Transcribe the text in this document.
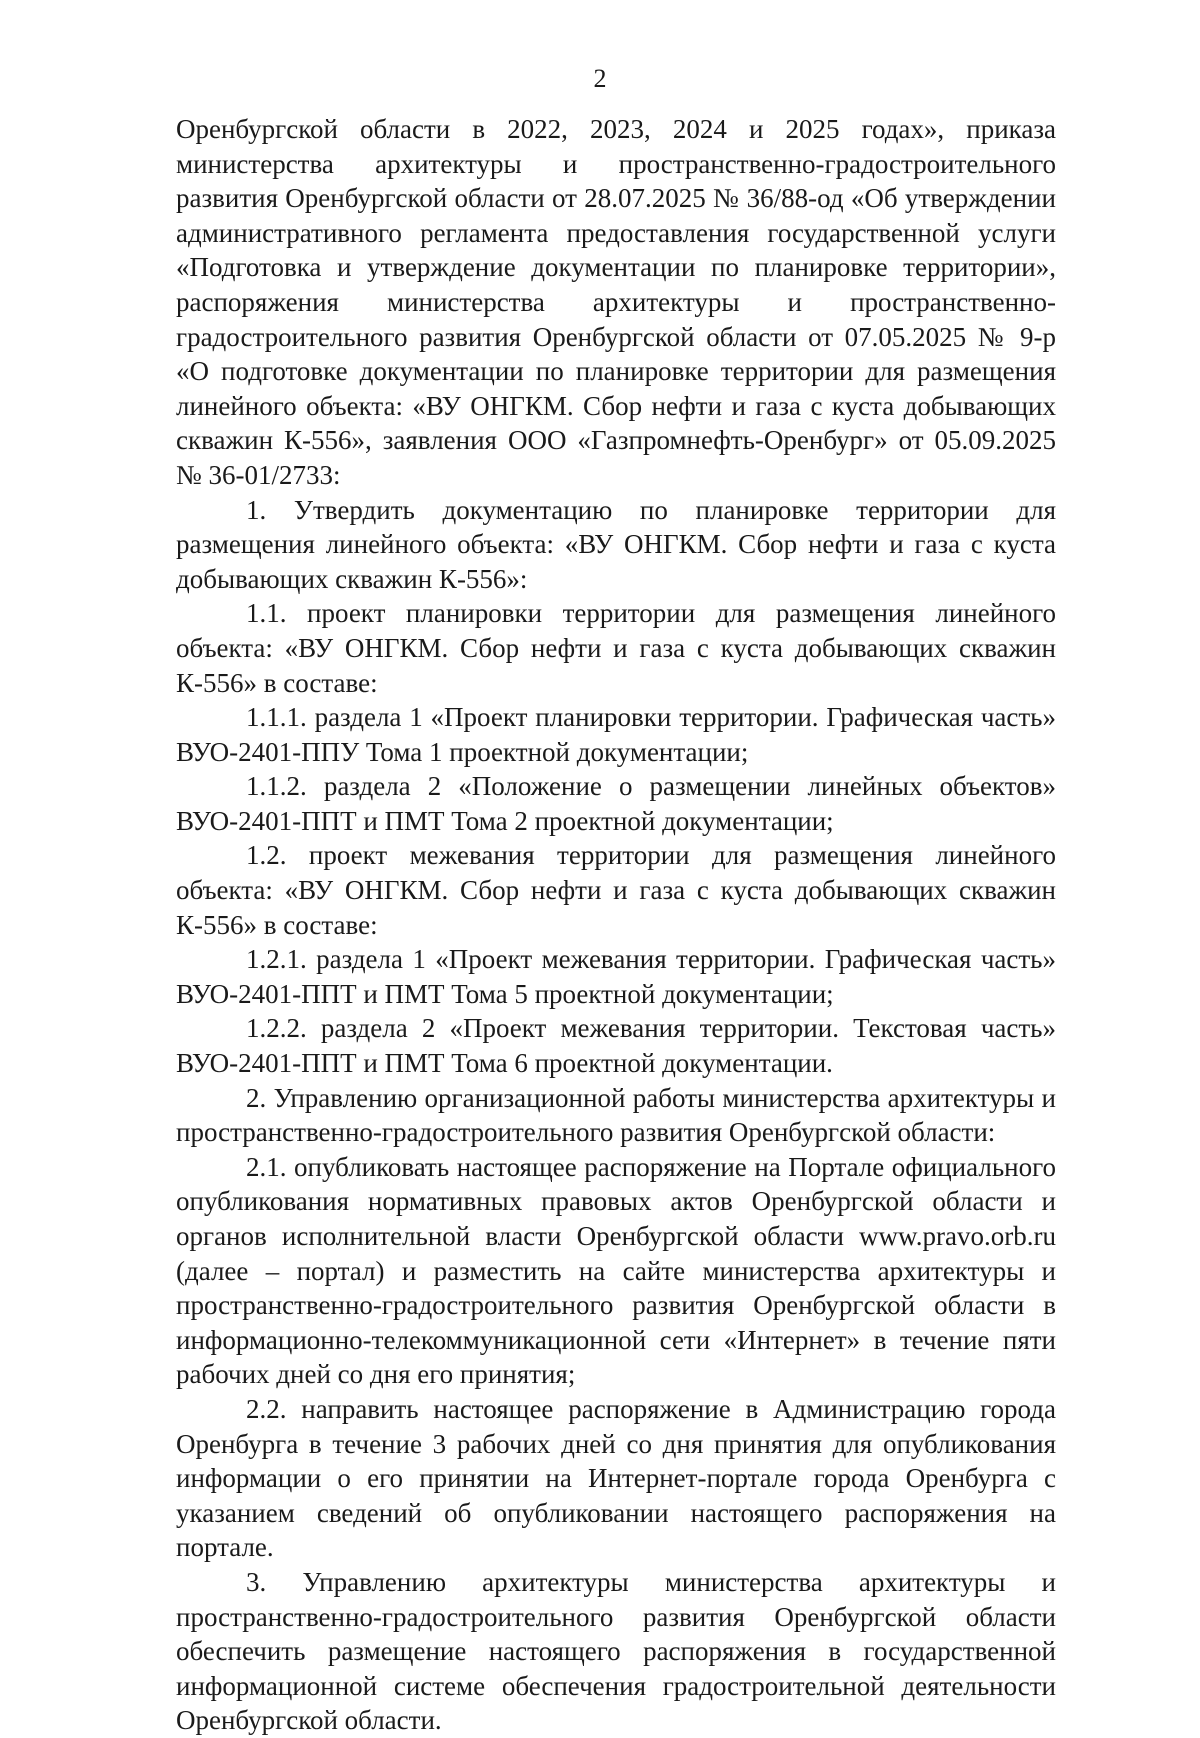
2

Оренбургской области в 2022, 2023, 2024 и 2025 годах», приказа министерства архитектуры и пространственно-градостроительного развития Оренбургской области от 28.07.2025 № 36/88-од «Об утверждении административного регламента предоставления государственной услуги «Подготовка и утверждение документации по планировке территории», распоряжения министерства архитектуры и пространственно-градостроительного развития Оренбургской области от 07.05.2025 № 9-р «О подготовке документации по планировке территории для размещения линейного объекта: «ВУ ОНГКМ. Сбор нефти и газа с куста добывающих скважин К-556», заявления ООО «Газпромнефть-Оренбург» от 05.09.2025 № 36-01/2733:

1. Утвердить документацию по планировке территории для размещения линейного объекта: «ВУ ОНГКМ. Сбор нефти и газа с куста добывающих скважин К-556»:

1.1. проект планировки территории для размещения линейного объекта: «ВУ ОНГКМ. Сбор нефти и газа с куста добывающих скважин К-556» в составе:

1.1.1. раздела 1 «Проект планировки территории. Графическая часть» ВУО-2401-ППУ Тома 1 проектной документации;

1.1.2. раздела 2 «Положение о размещении линейных объектов» ВУО-2401-ППТ и ПМТ Тома 2 проектной документации;

1.2. проект межевания территории для размещения линейного объекта: «ВУ ОНГКМ. Сбор нефти и газа с куста добывающих скважин К-556» в составе:

1.2.1. раздела 1 «Проект межевания территории. Графическая часть» ВУО-2401-ППТ и ПМТ Тома 5 проектной документации;

1.2.2. раздела 2 «Проект межевания территории. Текстовая часть» ВУО-2401-ППТ и ПМТ Тома 6 проектной документации.

2. Управлению организационной работы министерства архитектуры и пространственно-градостроительного развития Оренбургской области:

2.1. опубликовать настоящее распоряжение на Портале официального опубликования нормативных правовых актов Оренбургской области и органов исполнительной власти Оренбургской области www.pravo.orb.ru (далее – портал) и разместить на сайте министерства архитектуры и пространственно-градостроительного развития Оренбургской области в информационно-телекоммуникационной сети «Интернет» в течение пяти рабочих дней со дня его принятия;

2.2. направить настоящее распоряжение в Администрацию города Оренбурга в течение 3 рабочих дней со дня принятия для опубликования информации о его принятии на Интернет-портале города Оренбурга с указанием сведений об опубликовании настоящего распоряжения на портале.

3. Управлению архитектуры министерства архитектуры и пространственно-градостроительного развития Оренбургской области обеспечить размещение настоящего распоряжения в государственной информационной системе обеспечения градостроительной деятельности Оренбургской области.
